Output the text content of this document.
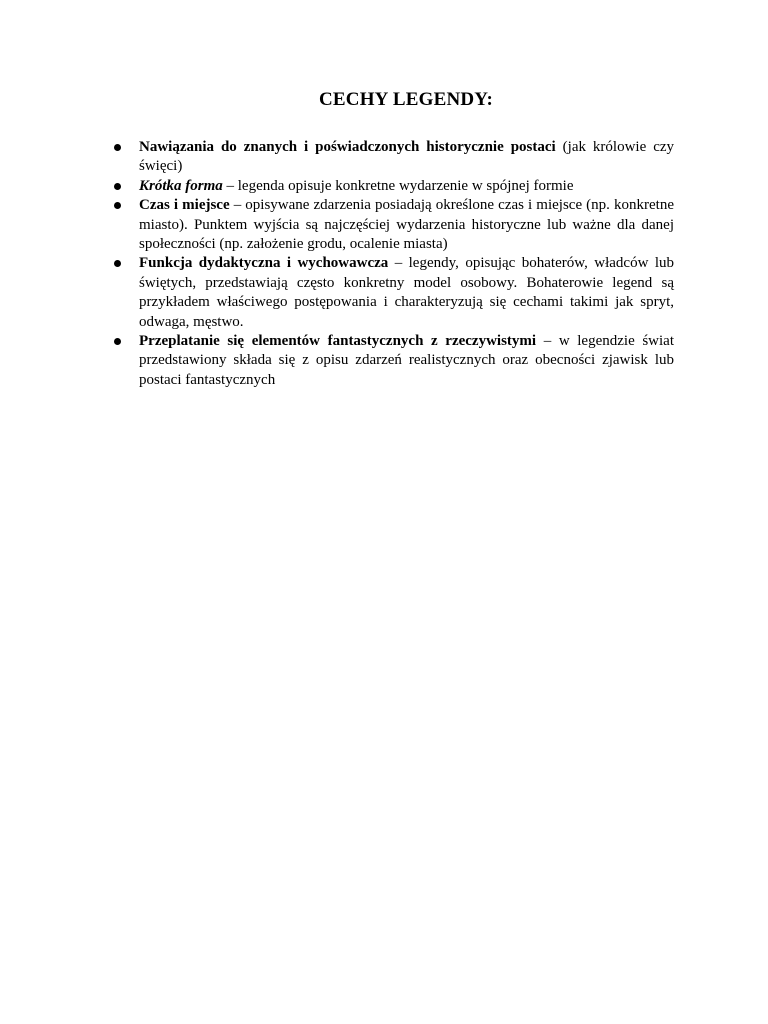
CECHY LEGENDY:
Nawiązania do znanych i poświadczonych historycznie postaci (jak królowie czy święci)
Krótka forma – legenda opisuje konkretne wydarzenie w spójnej formie
Czas i miejsce – opisywane zdarzenia posiadają określone czas i miejsce (np. konkretne miasto). Punktem wyjścia są najczęściej wydarzenia historyczne lub ważne dla danej społeczności (np. założenie grodu, ocalenie miasta)
Funkcja dydaktyczna i wychowawcza – legendy, opisując bohaterów, władców lub świętych, przedstawiają często konkretny model osobowy. Bohaterowie legend są przykładem właściwego postępowania i charakteryzują się cechami takimi jak spryt, odwaga, męstwo.
Przeplatanie się elementów fantastycznych z rzeczywistymi – w legendzie świat przedstawiony składa się z opisu zdarzeń realistycznych oraz obecności zjawisk lub postaci fantastycznych
